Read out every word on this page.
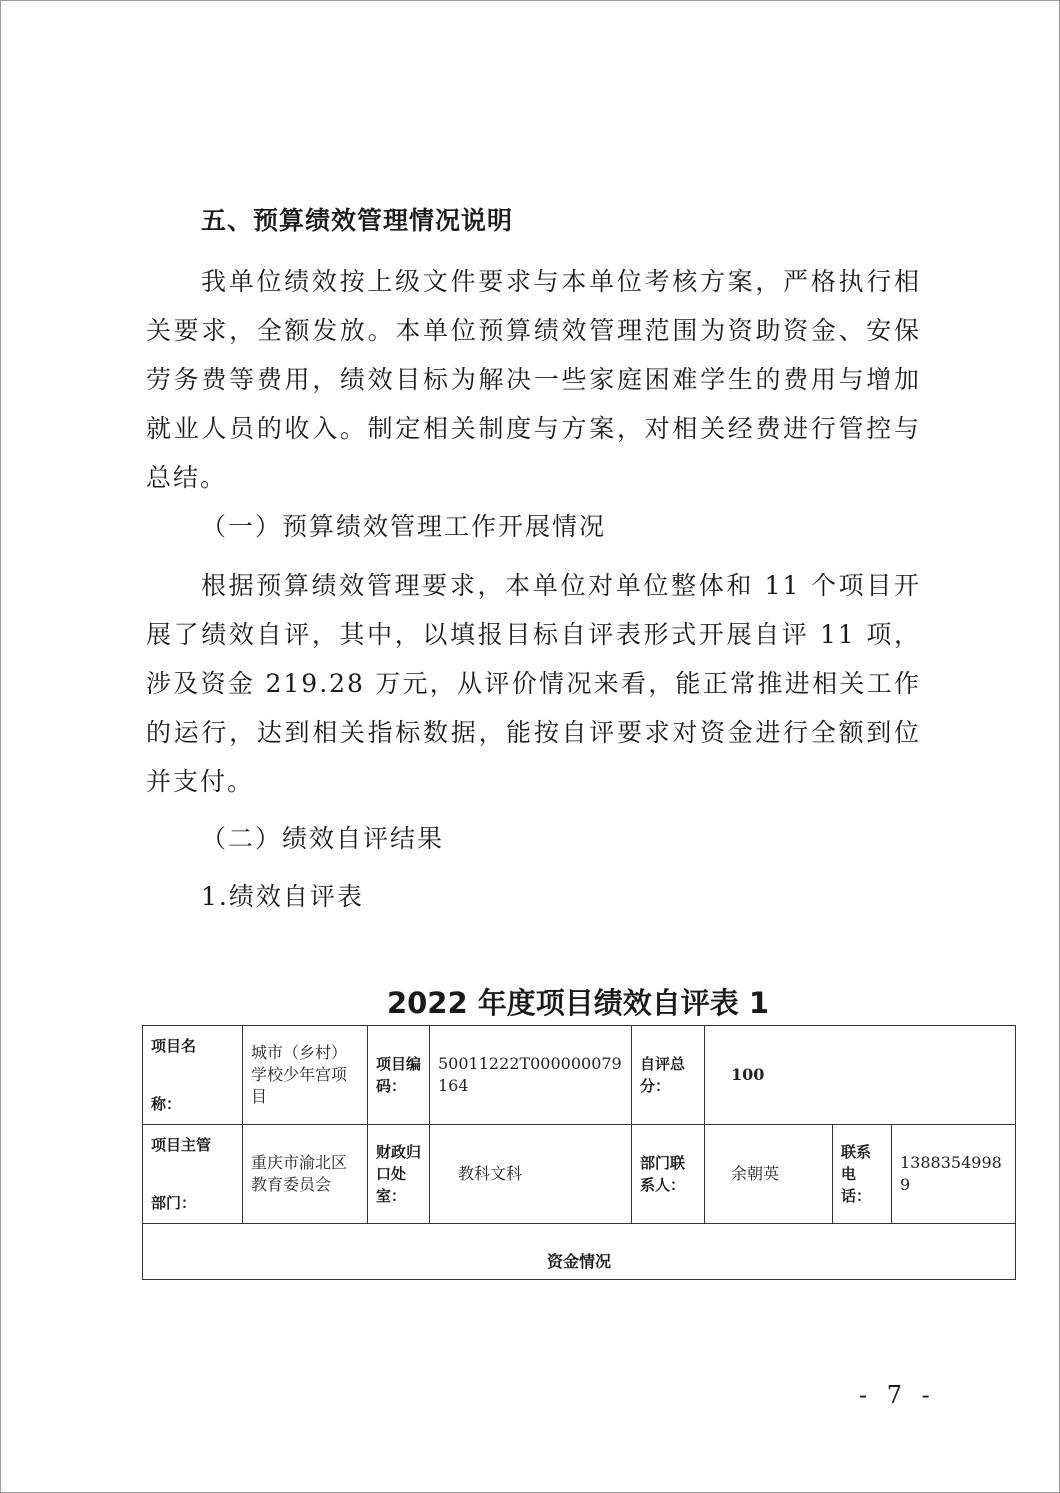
五、预算绩效管理情况说明
我单位绩效按上级文件要求与本单位考核方案，严格执行相关要求，全额发放。本单位预算绩效管理范围为资助资金、安保劳务费等费用，绩效目标为解决一些家庭困难学生的费用与增加就业人员的收入。制定相关制度与方案，对相关经费进行管控与总结。
（一）预算绩效管理工作开展情况
根据预算绩效管理要求，本单位对单位整体和 11 个项目开展了绩效自评，其中，以填报目标自评表形式开展自评 11 项，涉及资金 219.28 万元，从评价情况来看，能正常推进相关工作的运行，达到相关指标数据，能按自评要求对资金进行全额到位并支付。
（二）绩效自评结果
1.绩效自评表
2022 年度项目绩效自评表 1
项目名
称：	城市（乡村）学校少年宫项目	项目编码：	50011222T000000079164	自评总分：	100		

项目主管
部门：	重庆市渝北区教育委员会	财政归口处室：	教科文科	部门联系人：	余朝英	联系电话：	13883549989
资金情况							
- 7 -
